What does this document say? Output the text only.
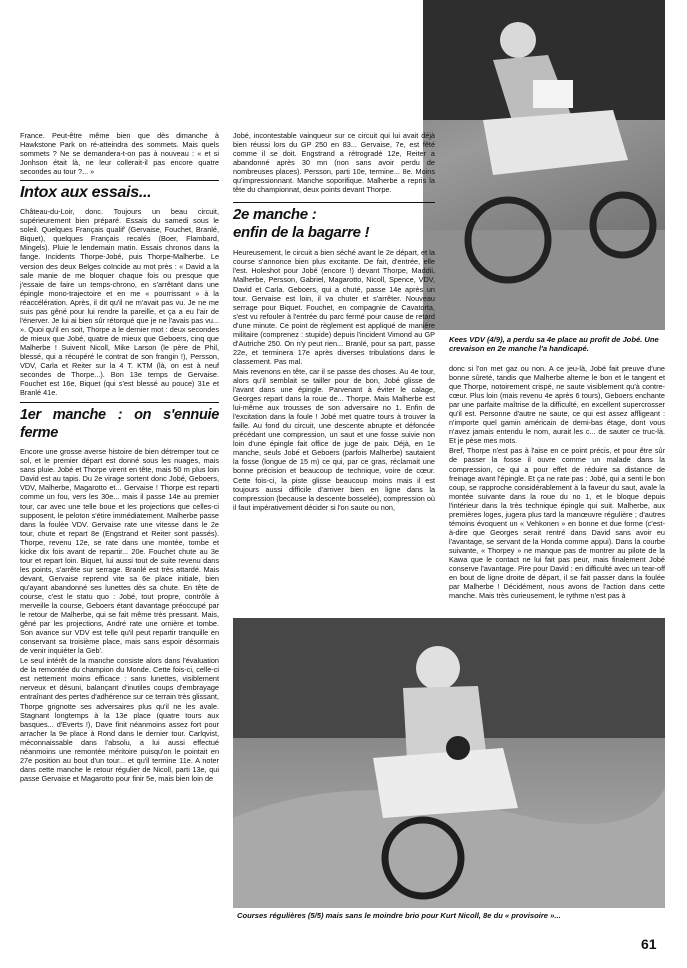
France. Peut-être même bien que dès dimanche à Hawkstone Park on ré-atteindra des sommets. Mais quels sommets ? Ne se demandera-t-on pas à nouveau : « et si Jonhson était là, ne leur collerait-il pas encore quatre secondes au tour ?... »

Intox aux essais...

Château-du-Loir, donc. Toujours un beau circuit, supérieurement bien préparé. Essais du samedi sous le soleil. Quelques Français qualif' (Gervaise, Fouchet, Branlé, Biquet), quelques Français recalés (Boer, Flambard, Mingels). Pluie le lendemain matin. Essais chronos dans la fange. Incidents Thorpe-Jobé, puis Thorpe-Malherbe. Le version des deux Belges coïncide au mot près : « David a la sale manie de me bloquer chaque fois ou presque que j'essaie de faire un temps-chrono, en s'arrêtant dans une épingle mono-trajectoire et en me « pourrissant » à la réaccélération. Après, il dit qu'il ne m'avait pas vu. Je ne me suis pas gêné pour lui rendre la pareille, et ça a eu l'air de l'énerver. Je lui ai bien sûr rétorqué que je ne l'avais pas vu... ». Quoi qu'il en soit, Thorpe a le dernier mot : deux secondes de mieux que Jobé, quatre de mieux que Geboers, cinq que Malherbe ! Suivent Nicoll, Mike Larson (le père de Phil, blessé, qui a récupéré le contrat de son frangin !), Persson, VDV, Carla et Reiter sur la 4 T. KTM (là, on est à neuf secondes de Thorpe...). Bon 13e temps de Gervaise. Fouchet est 16e, Biquet (qui s'est blessé au pouce) 31e et Branlé 41e.

1er manche : on s'ennuie ferme

Encore une grosse averse histoire de bien détremper tout ce sol, et le premier départ est donné sous les nuages, mais sans pluie. Jobé et Thorpe virent en tête, mais 50 m plus loin David est au tapis. Du 2e virage sortent donc Jobé, Geboers, VDV, Malherbe, Magarotto et... Gervaise ! Thorpe est reparti comme un fou, vers les 30e... mais il passe 14e au premier tour, car avec une telle boue et les projections que celles-ci supposent, le peloton s'étire immédiatement. Malherbe passe dans la foulée VDV. Gervaise rate une vitesse dans le 2e tour, chute et repart 8e (Engstrand et Reiter sont passés). Thorpe, revenu 12e, se rate dans une montée, tombe et kicke dix fois avant de repartir... 20e. Fouchet chute au 3e tour et repart loin. Biquet, lui aussi tout de suite revenu dans les points, s'arrête sur serrage. Branlé est très attardé. Mais devant, Gervaise reprend vite sa 6e place initiale, bien qu'ayant abandonné ses lunettes dès sa chute. En tête de course, c'est le statu quo : Jobé, tout propre, contrôle à merveille la course, Geboers étant davantage préoccupé par le retour de Malherbe, qui se fait même très pressant. Mais, gêné par les projections, André rate une ornière et tombe. Son avance sur VDV est telle qu'il peut repartir tranquille en conservant sa troisième place, mais sans espoir désormais de venir inquiéter la Geb'.

Le seul intérêt de la manche consiste alors dans l'évaluation de la remontée du champion du Monde. Cette fois-ci, celle-ci est nettement moins efficace : sans lunettes, visiblement nerveux et désuni, balançant d'inutiles coups d'embrayage entraînant des pertes d'adhérence sur ce terrain très glissant, Thorpe grignotte ses adversaires plus qu'il ne les avale. Stagnant longtemps à la 13e place (quatre tours aux basques... d'Everts !), Dave finit néanmoins assez fort pour arracher la 9e place à Rond dans le dernier tour. Carlqvist, méconnaissable dans l'absolu, a lui aussi effectué néanmoins une remontée méritoire puisqu'on le pointait en 27e position au bout d'un tour... et qu'il termine 11e. A noter dans cette manche le retour régulier de Nicoll, parti 13e, qui passe Gervaise et Magarotto pour finir 5e, mais bien loin de

Jobé, incontestable vainqueur sur ce circuit qui lui avait déjà bien réussi lors du GP 250 en 83... Gervaise, 7e, est fêté comme il se doit. Engstrand a rétrogradé 12e, Reiter a abandonné après 30 mn (non sans avoir perdu de nombreuses places). Persson, parti 10e, termine... 8e. Moins qu'impressionnant. Manche soporifique. Malherbe a repris la tête du championnat, deux points devant Thorpe.

2e manche :
enfin de la bagarre !

Heureusement, le circuit a bien séché avant le 2e départ, et la course s'annonce bien plus excitante. De fait, d'entrée, elle l'est. Holeshot pour Jobé (encore !) devant Thorpe, Maddii, Malherbe, Persson, Gabriel, Magarotto, Nicoll, Spence, VDV, David et Carla. Geboers, qui a chuté, passe 14e après un tour. Gervaise est loin, il va chuter et s'arrêter. Nouveau serrage pour Biquet. Fouchet, en compagnie de Cavatorta, s'est vu refouler à l'entrée du parc fermé pour cause de retard d'une minute. Ce point de règlement est appliqué de manière militaire (comprenez : stupide) depuis l'incident Vimond au GP d'Autriche 250. On n'y peut rien... Branlé, pour sa part, passe 22e, et terminera 17e après diverses tribulations dans le classement. Pas mal.

Mais revenons en tête, car il se passe des choses. Au 4e tour, alors qu'il semblait se tailler pour de bon, Jobé glisse de l'avant dans une épingle. Parvenant à éviter le calage, Georges repart dans la roue de... Thorpe. Mais Malherbe est lui-même aux trousses de son adversaire no 1. Enfin de l'excitation dans la foule ! Jobé met quatre tours à trouver la faille. Au fond du circuit, une descente abrupte et défoncée précédant une compression, un saut et une fosse suivie non loin d'une épingle fait office de juge de paix. Déjà, en 1e manche, seuls Jobé et Geboers (parfois Malherbe) sautaient la fosse (longue de 15 m) ce qui, par ce gras, réclamait une bonne précision et beaucoup de technique, voire de cœur. Cette fois-ci, la piste glisse beaucoup moins mais il est toujours aussi difficile d'arriver bien en ligne dans la compression (because la descente bosselée), compression où il faut impérativement décider si l'on saute ou non,

Kees VDV (4/9), a perdu sa 4e place au profit de Jobé. Une crevaison en 2e manche l'a handicapé.

donc si l'on met gaz ou non. A ce jeu-là, Jobé fait preuve d'une bonne sûreté, tandis que Malherbe alterne le bon et le tangent et que Thorpe, notoirement crispé, ne saute visiblement qu'à contre-cœur. Plus loin (mais revenu 4e après 6 tours), Geboers enchante par une parfaite maîtrise de la difficulté, en excellent supercrosser qu'il est. Personne d'autre ne saute, ce qui est assez affligeant : n'importe quel gamin américain de demi-bas étage, dont vous n'avez jamais entendu le nom, aurait les c... de sauter ce truc-là. Et je pèse mes mots.

Bref, Thorpe n'est pas à l'aise en ce point précis, et pour être sûr de passer la fosse il ouvre comme un malade dans la compression, ce qui a pour effet de réduire sa distance de freinage avant l'épingle. Et ça ne rate pas : Jobé, qui a senti le bon coup, se rapproche considérablement à la faveur du saut, avale la montée suivante dans la roue du no 1, et le bloque depuis l'intérieur dans la très technique épingle qui suit. Malherbe, aux premières loges, jugera plus tard la manœuvre régulière ; d'autres témoins évoquent un « Vehkonen » en bonne et due forme (c'est-à-dire que Georges serait rentré dans David sans avoir eu l'avantage, se servant de la Honda comme appui). Dans la courbe suivante, « Thorpey » ne manque pas de montrer au pilote de la Kawa que le contact ne lui fait pas peur, mais finalement Jobé conserve l'avantage. Pire pour David : en difficulté avec un tear-off en bout de ligne droite de départ, il se fait passer dans la foulée par Malherbe ! Décidément, nous avons de l'action dans cette manche. Mais très curieusement, le rythme n'est pas à

Courses régulières (5/5) mais sans le moindre brio pour Kurt Nicoll, 8e du « provisoire »...
61
